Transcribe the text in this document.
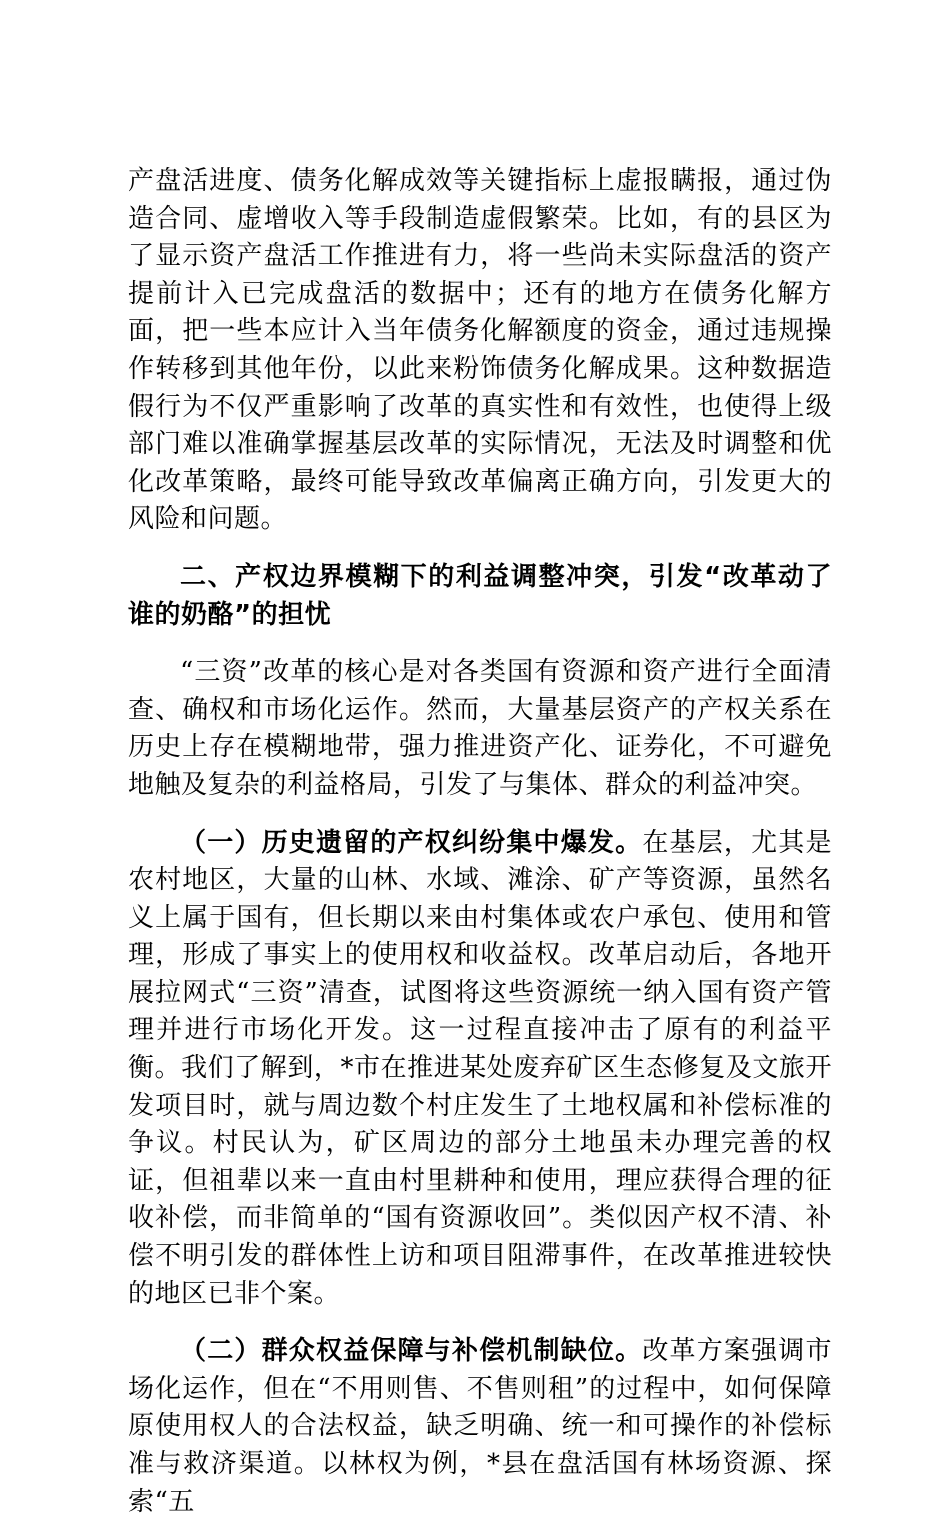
产盘活进度、债务化解成效等关键指标上虚报瞒报，通过伪造合同、虚增收入等手段制造虚假繁荣。比如，有的县区为了显示资产盘活工作推进有力，将一些尚未实际盘活的资产提前计入已完成盘活的数据中；还有的地方在债务化解方面，把一些本应计入当年债务化解额度的资金，通过违规操作转移到其他年份，以此来粉饰债务化解成果。这种数据造假行为不仅严重影响了改革的真实性和有效性，也使得上级部门难以准确掌握基层改革的实际情况，无法及时调整和优化改革策略，最终可能导致改革偏离正确方向，引发更大的风险和问题。

二、产权边界模糊下的利益调整冲突，引发“改革动了谁的奶酪”的担忧

“三资”改革的核心是对各类国有资源和资产进行全面清查、确权和市场化运作。然而，大量基层资产的产权关系在历史上存在模糊地带，强力推进资产化、证券化，不可避免地触及复杂的利益格局，引发了与集体、群众的利益冲突。

（一）历史遗留的产权纠纷集中爆发。在基层，尤其是农村地区，大量的山林、水域、滩涂、矿产等资源，虽然名义上属于国有，但长期以来由村集体或农户承包、使用和管理，形成了事实上的使用权和收益权。改革启动后，各地开展拉网式“三资”清查，试图将这些资源统一纳入国有资产管理并进行市场化开发。这一过程直接冲击了原有的利益平衡。我们了解到，*市在推进某处废弃矿区生态修复及文旅开发项目时，就与周边数个村庄发生了土地权属和补偿标准的争议。村民认为，矿区周边的部分土地虽未办理完善的权证，但祖辈以来一直由村里耕种和使用，理应获得合理的征收补偿，而非简单的“国有资源收回”。类似因产权不清、补偿不明引发的群体性上访和项目阻滞事件，在改革推进较快的地区已非个案。

（二）群众权益保障与补偿机制缺位。改革方案强调市场化运作，但在“不用则售、不售则租”的过程中，如何保障原使用权人的合法权益，缺乏明确、统一和可操作的补偿标准与救济渠道。以林权为例，*县在盘活国有林场资源、探索“五
